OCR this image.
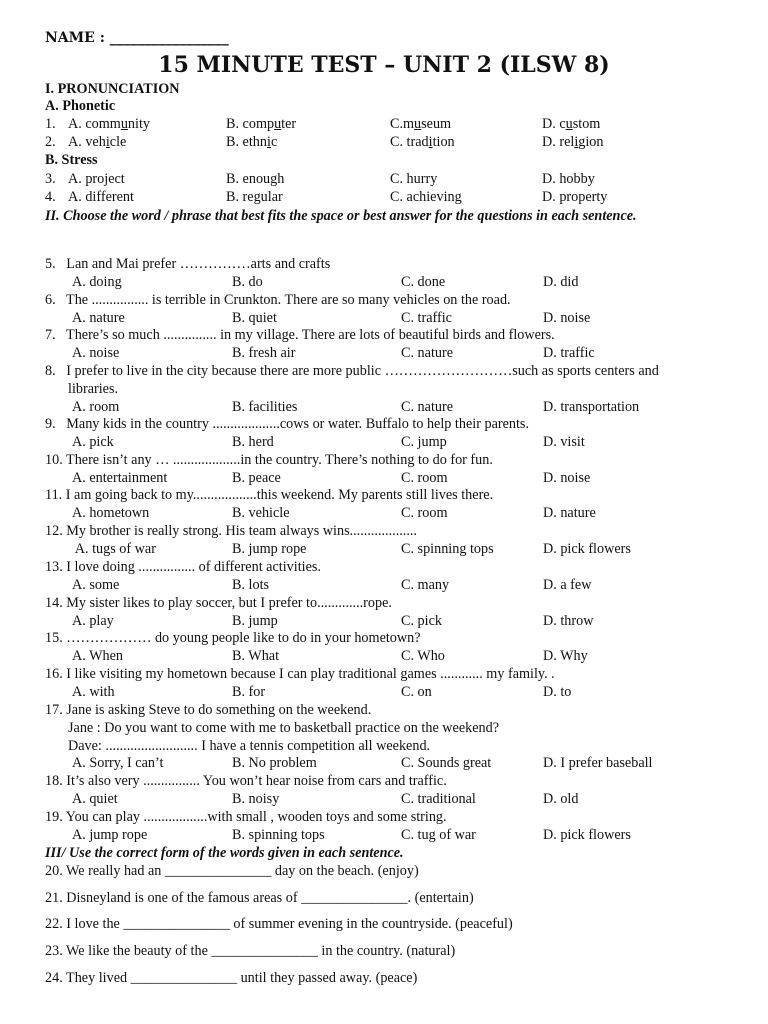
NAME : _________________
15 MINUTE TEST – UNIT 2 (ILSW 8)
I. PRONUNCIATION
A. Phonetic
1. A. community	B. computer	C.museum	D. custom
2. A. vehicle	B. ethnic	C. tradition	D. religion
B. Stress
3. A. project	B. enough	C. hurry	D. hobby
4. A. different	B. regular	C. achieving	D. property
II. Choose the word / phrase that best fits the space or best answer for the questions in each sentence.
5.   Lan and Mai prefer ……………arts and crafts
A. doing	B. do	C. done	D. did
6.   The ................ is terrible in Crunkton. There are so many vehicles on the road.
A. nature	B. quiet	C. traffic	D. noise
7.   There’s so much ............... in my village. There are lots of beautiful birds and flowers.
A. noise	B. fresh air	C. nature	D. traffic
8.   I prefer to live in the city because there are more public ………………………such as sports centers and
libraries.
A. room	B. facilities	C. nature	D. transportation
9.   Many kids in the country ...................cows or water. Buffalo to help their parents.
A. pick	B. herd	C. jump	D. visit
10. There isn’t any … ...................in the country. There’s nothing to do for fun.
A. entertainment	B. peace	C. room	D. noise
11. I am going back to my..................this weekend. My parents still lives there.
A. hometown	B. vehicle	C. room	D. nature
12. My brother is really strong. His team always wins...................
A. tugs of war	B. jump rope	C. spinning tops	D. pick flowers
13. I love doing ................ of different activities.
A. some	B. lots	C. many	D. a few
14. My sister likes to play soccer, but I prefer to.............rope.
A. play	B. jump	C. pick	D. throw
15. ……………… do young people like to do in your hometown?
A. When	B. What	C. Who	D. Why
16. I like visiting my hometown because I can play traditional games ............ my family. .
A. with	B. for	C. on	D. to
17. Jane is asking Steve to do something on the weekend.
Jane : Do you want to come with me to basketball practice on the weekend?
Dave: .......................... I have a tennis competition all weekend.
A. Sorry, I can’t	B. No problem	C. Sounds great	D. I prefer baseball
18. It’s also very ................ You won’t hear noise from cars and traffic.
A. quiet	B. noisy	C. traditional	D. old
19. You can play ..................with small , wooden toys and some string.
A. jump rope	B. spinning tops	C. tug of war	D. pick flowers
III/ Use the correct form of the words given in each sentence.
20. We really had an _______________ day on the beach. (enjoy)
21. Disneyland is one of the famous areas of _______________. (entertain)
22. I love the _______________ of summer evening in the countryside. (peaceful)
23. We like the beauty of the _______________ in the country. (natural)
24. They lived _______________ until they passed away. (peace)
